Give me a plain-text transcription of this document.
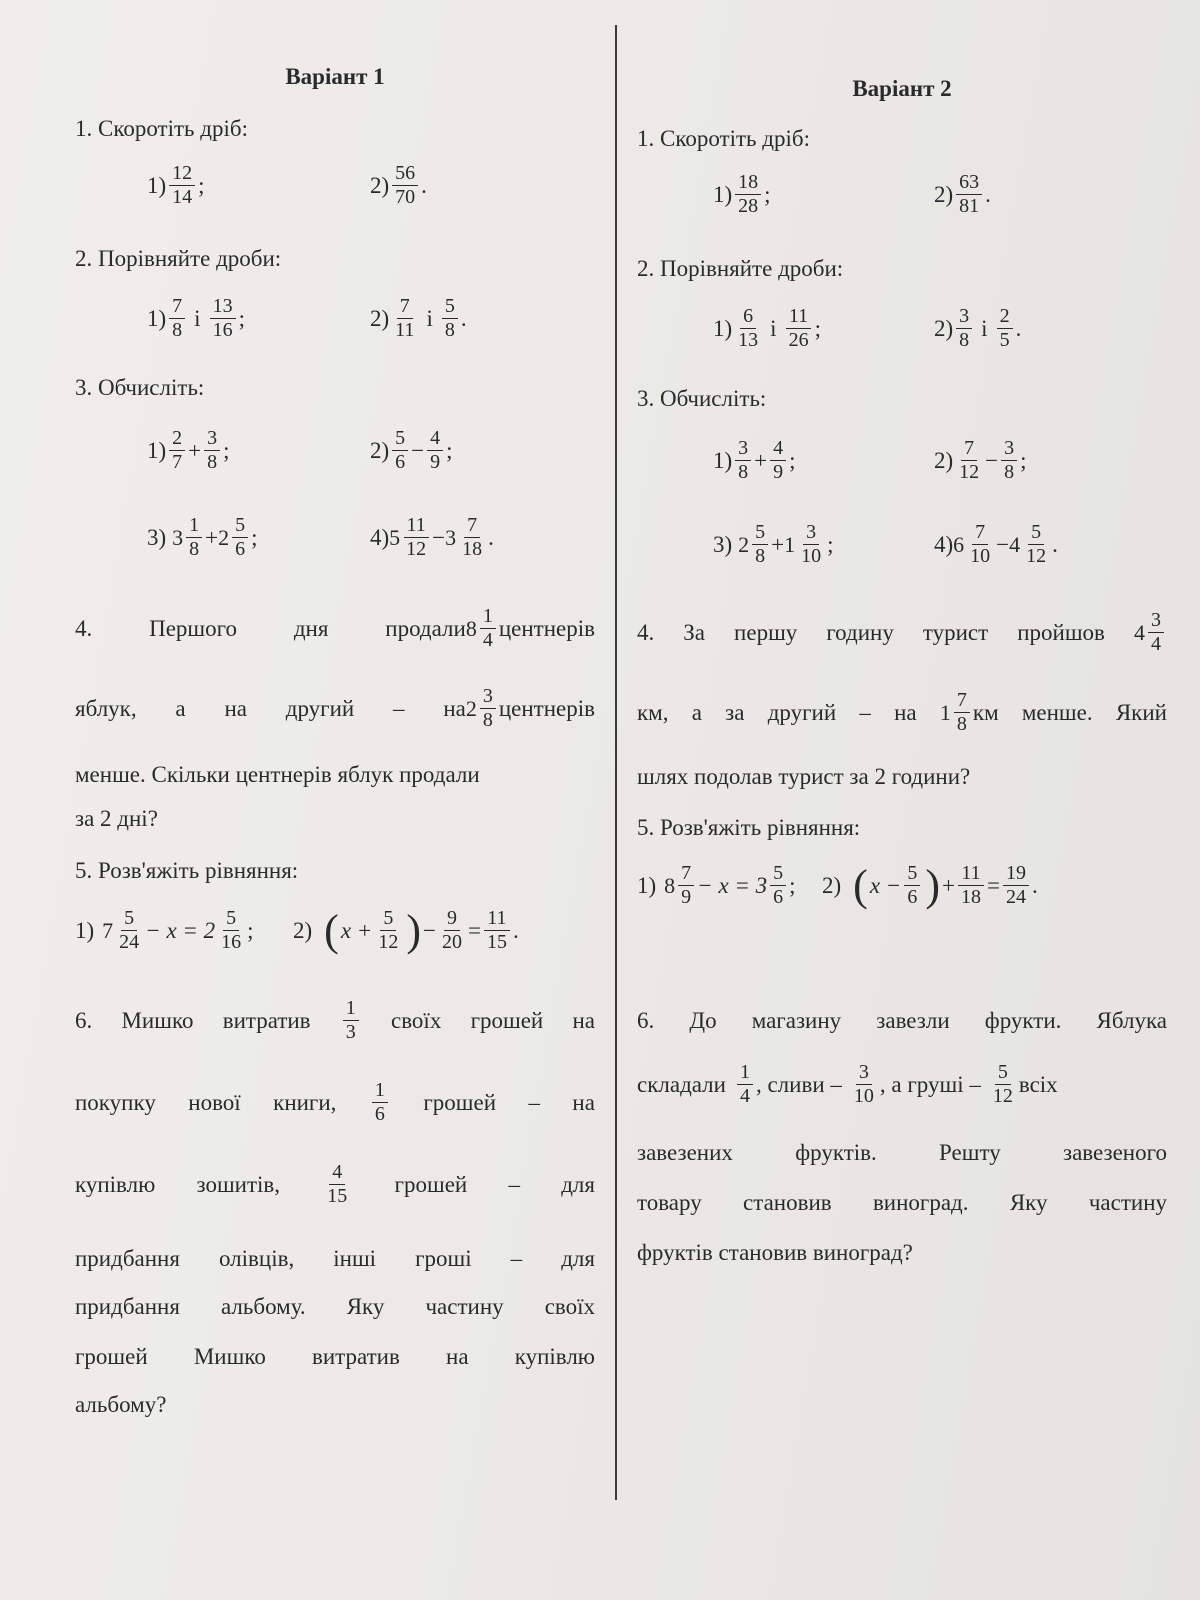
Варіант 1
1. Скоротіть дріб:
$1) \frac{12}{14}$ ;	$2) \frac{56}{70}$ .
2. Порівняйте дроби:
$1) \frac{7}{8}$ і $\frac{13}{16}$ ;	$2) \frac{7}{11}$ і $\frac{5}{8}$ .
3. Обчисліть:
$1) \frac{2}{7} + \frac{3}{8}$ ;	$2) \frac{5}{6} - \frac{4}{9}$ ;
3) $3 \frac{1}{8} + 2 \frac{5}{6}$ ;	4) $5 \frac{11}{12} - 3 \frac{7}{18}$ .
4. Першого дня продали $8 \frac{1}{4}$ центнерів
яблук, а на другий – на $2 \frac{3}{8}$ центнерів
менше. Скільки центнерів яблук продали
за 2 дні?
5. Розв'яжіть рівняння:
1) $7 \frac{5}{24} - x = 2 \frac{5}{16}$ ; 2) ( $x + \frac{5}{12}$ ) − $\frac{9}{20} = \frac{11}{15}$ .
6. Мишко витратив $\frac{1}{3}$ своїх грошей на
покупку нової книги, $\frac{1}{6}$ грошей – на
купівлю зошитів, $\frac{4}{15}$ грошей – для
придбання олівців, інші гроші – для
придбання альбому. Яку частину своїх
грошей Мишко витратив на купівлю
альбому?
Варіант 2
1. Скоротіть дріб:
$1) \frac{18}{28}$ ;	$2) \frac{63}{81}$ .
2. Порівняйте дроби:
$1) \frac{6}{13}$ і $\frac{11}{26}$ ;	$2) \frac{3}{8}$ і $\frac{2}{5}$ .
3. Обчисліть:
$1) \frac{3}{8} + \frac{4}{9}$ ;	$2) \frac{7}{12} - \frac{3}{8}$ ;
3) $2 \frac{5}{8} + 1 \frac{3}{10}$ ;	4) $6 \frac{7}{10} - 4 \frac{5}{12}$ .
4. За першу годину турист пройшов $4 \frac{3}{4}$
км, а за другий – на $1 \frac{7}{8}$ км менше. Який
шлях подолав турист за 2 години?
5. Розв'яжіть рівняння:
1) $8 \frac{7}{9} - x = 3 \frac{5}{6}$ ; 2) ( $x - \frac{5}{6}$ ) + $\frac{11}{18} = \frac{19}{24}$ .
6. До магазину завезли фрукти. Яблука
складали $\frac{1}{4}$ , сливи – $\frac{3}{10}$ , а груші – $\frac{5}{12}$ всіх
завезених	фруктів.	Решту	завезеного
товару становив виноград. Яку частину
фруктів становив виноград?
